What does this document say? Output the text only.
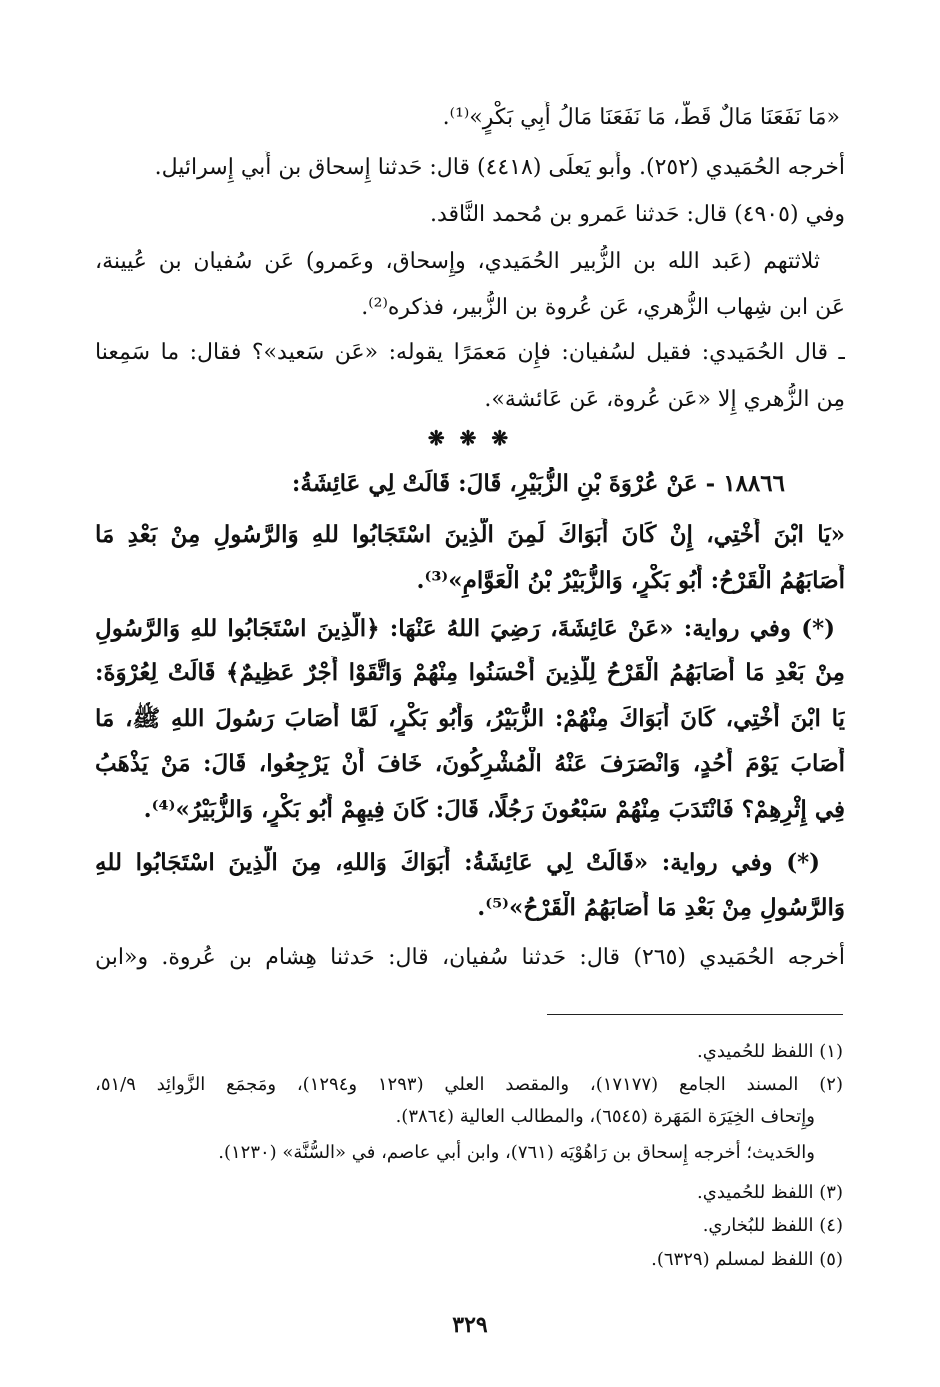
«مَا نَفَعَنَا مَالٌ قَطُّ، مَا نَفَعَنَا مَالُ أَبِي بَكْرٍ»⁽¹⁾.
أخرجه الحُمَيدي (٢٥٢). وأَبو يَعلَى (٤٤١٨) قال: حَدثنا إِسحاق بن أَبي إِسرائيل.
وفي (٤٩٠٥) قال: حَدثنا عَمرو بن مُحمد النَّاقد.
ثلاثتهم (عَبد الله بن الزُّبير الحُمَيدي، وإِسحاق، وعَمرو) عَن سُفيان بن عُيينة،
عَن ابن شِهاب الزُّهري، عَن عُروة بن الزُّبير، فذكره⁽²⁾.
ـ قال الحُمَيدي: فقيل لسُفيان: فإِن مَعمَرًا يقوله: «عَن سَعيد»؟ فقال: ما سَمِعنا
مِن الزُّهري إِلا «عَن عُروة، عَن عَائشة».
❋ ❋ ❋
١٨٨٦٦ - عَنْ عُرْوَةَ بْنِ الزُّبَيْرِ، قَالَ: قَالَتْ لِي عَائِشَةُ:
«يَا ابْنَ أُخْتِي، إِنْ كَانَ أَبَوَاكَ لَمِنَ الَّذِينَ اسْتَجَابُوا للهِ وَالرَّسُولِ مِنْ بَعْدِ مَا
أَصَابَهُمُ الْقَرْحُ: أَبُو بَكْرٍ، وَالزُّبَيْرُ بْنُ الْعَوَّامِ»⁽³⁾.
(*) وفي رواية: «عَنْ عَائِشَةَ، رَضِيَ اللهُ عَنْهَا: ﴿الَّذِينَ اسْتَجَابُوا للهِ وَالرَّسُولِ
مِنْ بَعْدِ مَا أَصَابَهُمُ الْقَرْحُ لِلَّذِينَ أَحْسَنُوا مِنْهُمْ وَاتَّقَوْا أَجْرٌ عَظِيمٌ﴾ قَالَتْ لِعُرْوَةَ:
يَا ابْنَ أُخْتِي، كَانَ أَبَوَاكَ مِنْهُمْ: الزُّبَيْرُ، وَأَبُو بَكْرٍ، لَمَّا أَصَابَ رَسُولَ اللهِ ﷺ، مَا
أَصَابَ يَوْمَ أُحُدٍ، وَانْصَرَفَ عَنْهُ الْمُشْرِكُونَ، خَافَ أَنْ يَرْجِعُوا، قَالَ: مَنْ يَذْهَبُ
فِي إِثْرِهِمْ؟ فَانْتَدَبَ مِنْهُمْ سَبْعُونَ رَجُلًا، قَالَ: كَانَ فِيهِمْ أَبُو بَكْرٍ، وَالزُّبَيْرُ»⁽⁴⁾.
(*) وفي رواية: «قَالَتْ لِي عَائِشَةُ: أَبَوَاكَ وَاللهِ، مِنَ الَّذِينَ اسْتَجَابُوا للهِ
وَالرَّسُولِ مِنْ بَعْدِ مَا أَصَابَهُمُ الْقَرْحُ»⁽⁵⁾.
أخرجه الحُمَيدي (٢٦٥) قال: حَدثنا سُفيان، قال: حَدثنا هِشام بن عُروة. و«ابن
(١) اللفظ للحُميدي.
(٢) المسند الجامع (١٧١٧٧)، والمقصد العلي (١٢٩٣ و١٢٩٤)، ومَجمَع الزَّوائِد ٥١/٩،
وإِتحاف الخِيَرَة المَهَرة (٦٥٤٥)، والمطالب العالية (٣٨٦٤).
والحَديث؛ أَخرجه إِسحاق بن رَاهُوْيَه (٧٦١)، وابن أَبي عاصم، في «السُّنَّة» (١٢٣٠).
(٣) اللفظ للحُميدي.
(٤) اللفظ للبُخاري.
(٥) اللفظ لمسلم (٦٣٢٩).
٣٢٩
